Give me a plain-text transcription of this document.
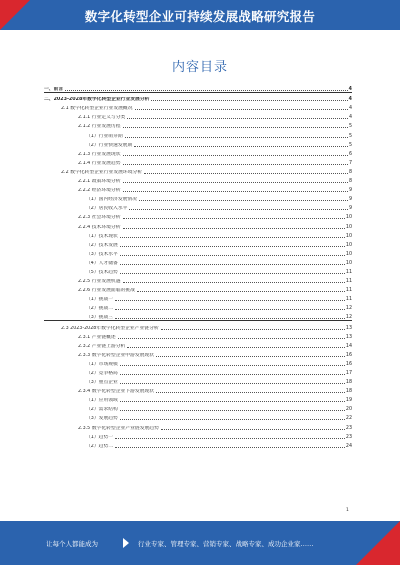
数字化转型企业可持续发展战略研究报告
内容目录
一、前言	4
二、2023-2028年数字化转型企业行业发展分析	4
2.1 数字化转型企业行业发展概况	4
2.1.1 行业定义与分类	4
2.1.2 行业发展历程	5
（1）行业萌芽期	5
（2）行业快速发展期	5
2.1.3 行业发展现状	6
2.1.4 行业发展趋势	7
2.2 数字化转型企业行业发展环境分析	8
2.2.1 政策环境分析	8
2.2.2 经济环境分析	9
（1）国内经济发展情况	9
（2）居民收入水平	9
2.2.3 社会环境分析	10
2.2.4 技术环境分析	10
（1）技术现状	10
（2）技术发展	10
（3）技术水平	10
（4）人才储备	10
（5）技术趋势	11
2.2.5 行业发展机遇	11
2.2.6 行业发展面临的挑战	11
（1）挑战一	11
（2）挑战二	12
（3）挑战三	12
2.3 2023-2028年数字化转型企业产业链分析	13
2.3.1 产业链概述	13
2.3.2 产业链上游分析	14
2.3.3 数字化转型企业中游发展现状	16
（1）市场规模	16
（2）竞争格局	17
（3）重点企业	18
2.3.4 数字化转型企业下游发展现状	18
（1）应用领域	19
（2）需求结构	20
（3）发展趋势	22
2.3.5 数字化转型企业产业链发展趋势	23
（1）趋势一	23
（2）趋势二	24
1
让每个人都能成为	行业专家、管理专家、营销专家、战略专家、成功企业家……
